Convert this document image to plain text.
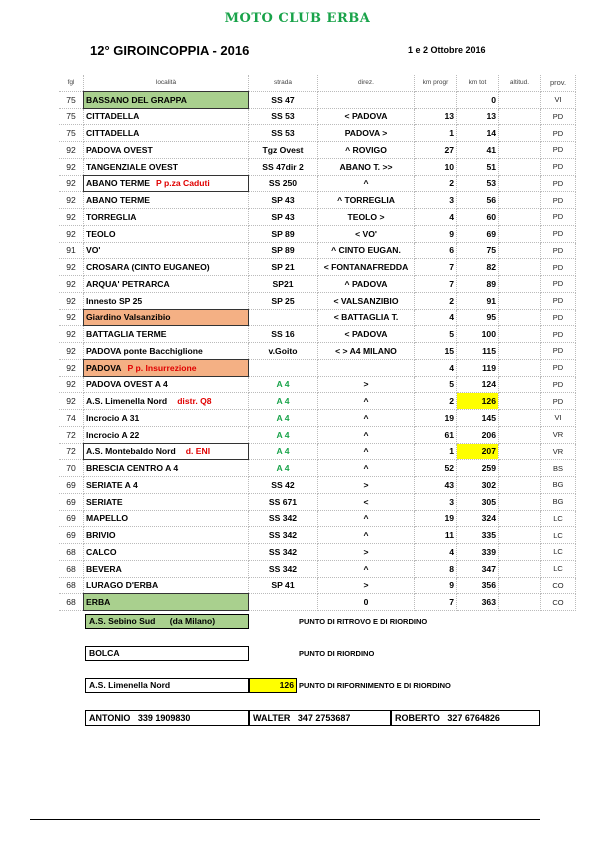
MOTO CLUB ERBA
12° GIROINCOPPIA - 2016	1 e 2 Ottobre 2016
fgl	località	strada	direz.	km progr	km tot	altitud.	prov.
75	BASSANO DEL GRAPPA	SS 47			0		VI
75	CITTADELLA	SS 53	< PADOVA	13	13		PD
75	CITTADELLA	SS 53	PADOVA >	1	14		PD
92	PADOVA OVEST	Tgz Ovest	^ ROVIGO	27	41		PD
92	TANGENZIALE OVEST	SS 47dir 2	ABANO T. >>	10	51		PD
92	ABANO TERME P p.za Caduti	SS 250	^	2	53		PD
92	ABANO TERME	SP 43	^ TORREGLIA	3	56		PD
92	TORREGLIA	SP 43	TEOLO >	4	60		PD
92	TEOLO	SP 89	< VO'	9	69		PD
91	VO'	SP 89	^ CINTO EUGAN.	6	75		PD
92	CROSARA (CINTO EUGANEO)	SP 21	< FONTANAFREDDA	7	82		PD
92	ARQUA' PETRARCA	SP21	^ PADOVA	7	89		PD
92	Innesto SP 25	SP 25	< VALSANZIBIO	2	91		PD
92	Giardino Valsanzibio		< BATTAGLIA T.	4	95		PD
92	BATTAGLIA TERME	SS 16	< PADOVA	5	100		PD
92	PADOVA ponte Bacchiglione	v.Goito	< > A4 MILANO	15	115		PD
92	PADOVA P p. Insurrezione			4	119		PD
92	PADOVA OVEST A 4	A 4	>	5	124		PD
92	A.S. Limenella Nord distr. Q8	A 4	^	2	126		PD
74	Incrocio A 31	A 4	^	19	145		VI
72	Incrocio A 22	A 4	^	61	206		VR
72	A.S. Montebaldo Nord d. ENI	A 4	^	1	207		VR
70	BRESCIA CENTRO A 4	A 4	^	52	259		BS
69	SERIATE A 4	SS 42	>	43	302		BG
69	SERIATE	SS 671	<	3	305		BG
69	MAPELLO	SS 342	^	19	324		LC
69	BRIVIO	SS 342	^	11	335		LC
68	CALCO	SS 342	>	4	339		LC
68	BEVERA	SS 342	^	8	347		LC
68	LURAGO D'ERBA	SP 41	>	9	356		CO
68	ERBA		0	7	363		CO
A.S. Sebino Sud (da Milano)	PUNTO DI RITROVO E DI RIORDINO
BOLCA	PUNTO DI RIORDINO
A.S. Limenella Nord	126 PUNTO DI RIFORNIMENTO E DI RIORDINO
ANTONIO 339 1909830	WALTER 347 2753687	ROBERTO 327 6764826
